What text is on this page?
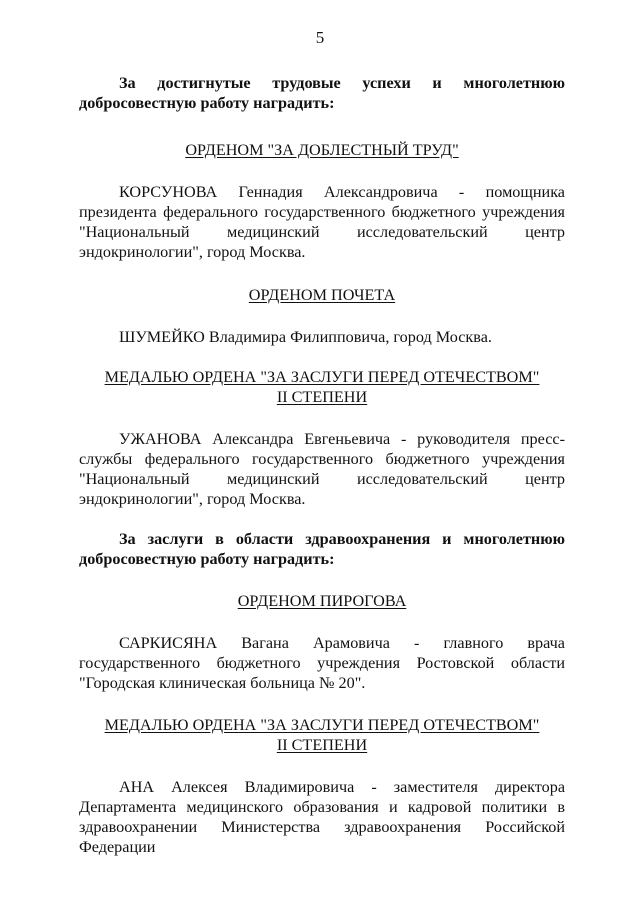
5

За достигнутые трудовые успехи и многолетнюю добросовестную работу наградить:

ОРДЕНОМ "ЗА ДОБЛЕСТНЫЙ ТРУД"

КОРСУНОВА Геннадия Александровича - помощника президента федерального государственного бюджетного учреждения "Национальный медицинский исследовательский центр эндокринологии", город Москва.

ОРДЕНОМ ПОЧЕТА

ШУМЕЙКО Владимира Филипповича, город Москва.

МЕДАЛЬЮ ОРДЕНА "ЗА ЗАСЛУГИ ПЕРЕД ОТЕЧЕСТВОМ"

II СТЕПЕНИ

УЖАНОВА Александра Евгеньевича - руководителя пресс-службы федерального государственного бюджетного учреждения "Национальный медицинский исследовательский центр эндокринологии", город Москва.

За заслуги в области здравоохранения и многолетнюю добросовестную работу наградить:

ОРДЕНОМ ПИРОГОВА

САРКИСЯНА Вагана Арамовича - главного врача государственного бюджетного учреждения Ростовской области "Городская клиническая больница № 20".

МЕДАЛЬЮ ОРДЕНА "ЗА ЗАСЛУГИ ПЕРЕД ОТЕЧЕСТВОМ"

II СТЕПЕНИ

АНА Алексея Владимировича - заместителя директора Департамента медицинского образования и кадровой политики в здравоохранении Министерства здравоохранения Российской Федерации
